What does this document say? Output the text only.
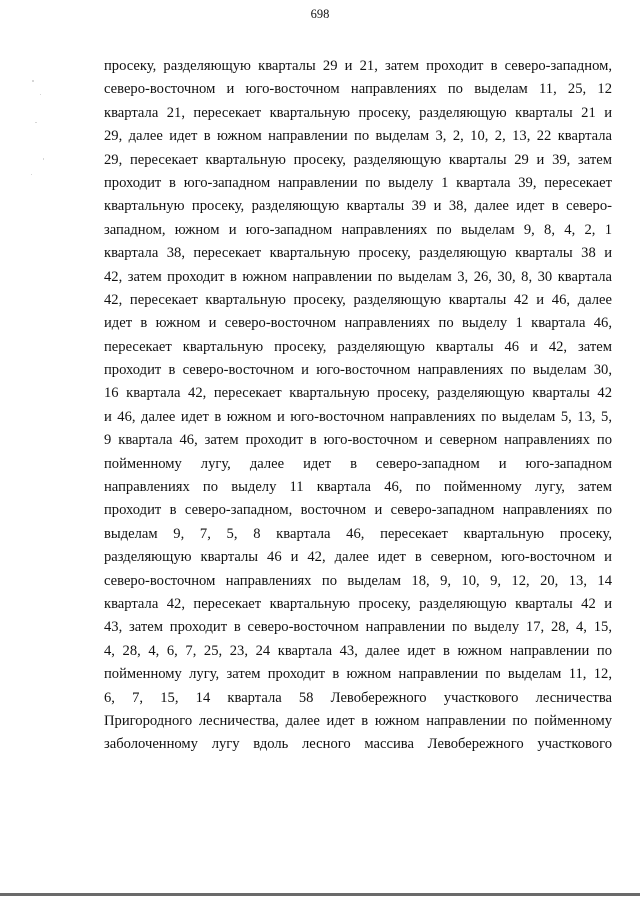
698
просеку, разделяющую кварталы 29 и 21, затем проходит в северо-западном,
северо-восточном и юго-восточном направлениях по выделам 11, 25, 12
квартала 21, пересекает квартальную просеку, разделяющую кварталы 21 и
29, далее идет в южном направлении по выделам 3, 2, 10, 2, 13, 22 квартала
29, пересекает квартальную просеку, разделяющую кварталы 29 и 39, затем
проходит в юго-западном направлении по выделу 1 квартала 39, пересекает
квартальную просеку, разделяющую кварталы 39 и 38, далее идет в северо-
западном, южном и юго-западном направлениях по выделам 9, 8, 4, 2, 1
квартала 38, пересекает квартальную просеку, разделяющую кварталы 38 и
42, затем проходит в южном направлении по выделам 3, 26, 30, 8, 30 квартала
42, пересекает квартальную просеку, разделяющую кварталы 42 и 46, далее
идет в южном и северо-восточном направлениях по выделу 1 квартала 46,
пересекает квартальную просеку, разделяющую кварталы 46 и 42, затем
проходит в северо-восточном и юго-восточном направлениях по выделам 30,
16 квартала 42, пересекает квартальную просеку, разделяющую кварталы 42
и 46, далее идет в южном и юго-восточном направлениях по выделам 5, 13, 5,
9 квартала 46, затем проходит в юго-восточном и северном направлениях по
пойменному лугу, далее идет в северо-западном и юго-западном
направлениях по выделу 11 квартала 46, по пойменному лугу, затем
проходит в северо-западном, восточном и северо-западном направлениях по
выделам 9, 7, 5, 8 квартала 46, пересекает квартальную просеку,
разделяющую кварталы 46 и 42, далее идет в северном, юго-восточном и
северо-восточном направлениях по выделам 18, 9, 10, 9, 12, 20, 13, 14
квартала 42, пересекает квартальную просеку, разделяющую кварталы 42 и
43, затем проходит в северо-восточном направлении по выделу 17, 28, 4, 15,
4, 28, 4, 6, 7, 25, 23, 24 квартала 43, далее идет в южном направлении по
пойменному лугу, затем проходит в южном направлении по выделам 11, 12,
6, 7, 15, 14 квартала 58 Левобережного участкового лесничества
Пригородного лесничества, далее идет в южном направлении по пойменному
заболоченному лугу вдоль лесного массива Левобережного участкового
